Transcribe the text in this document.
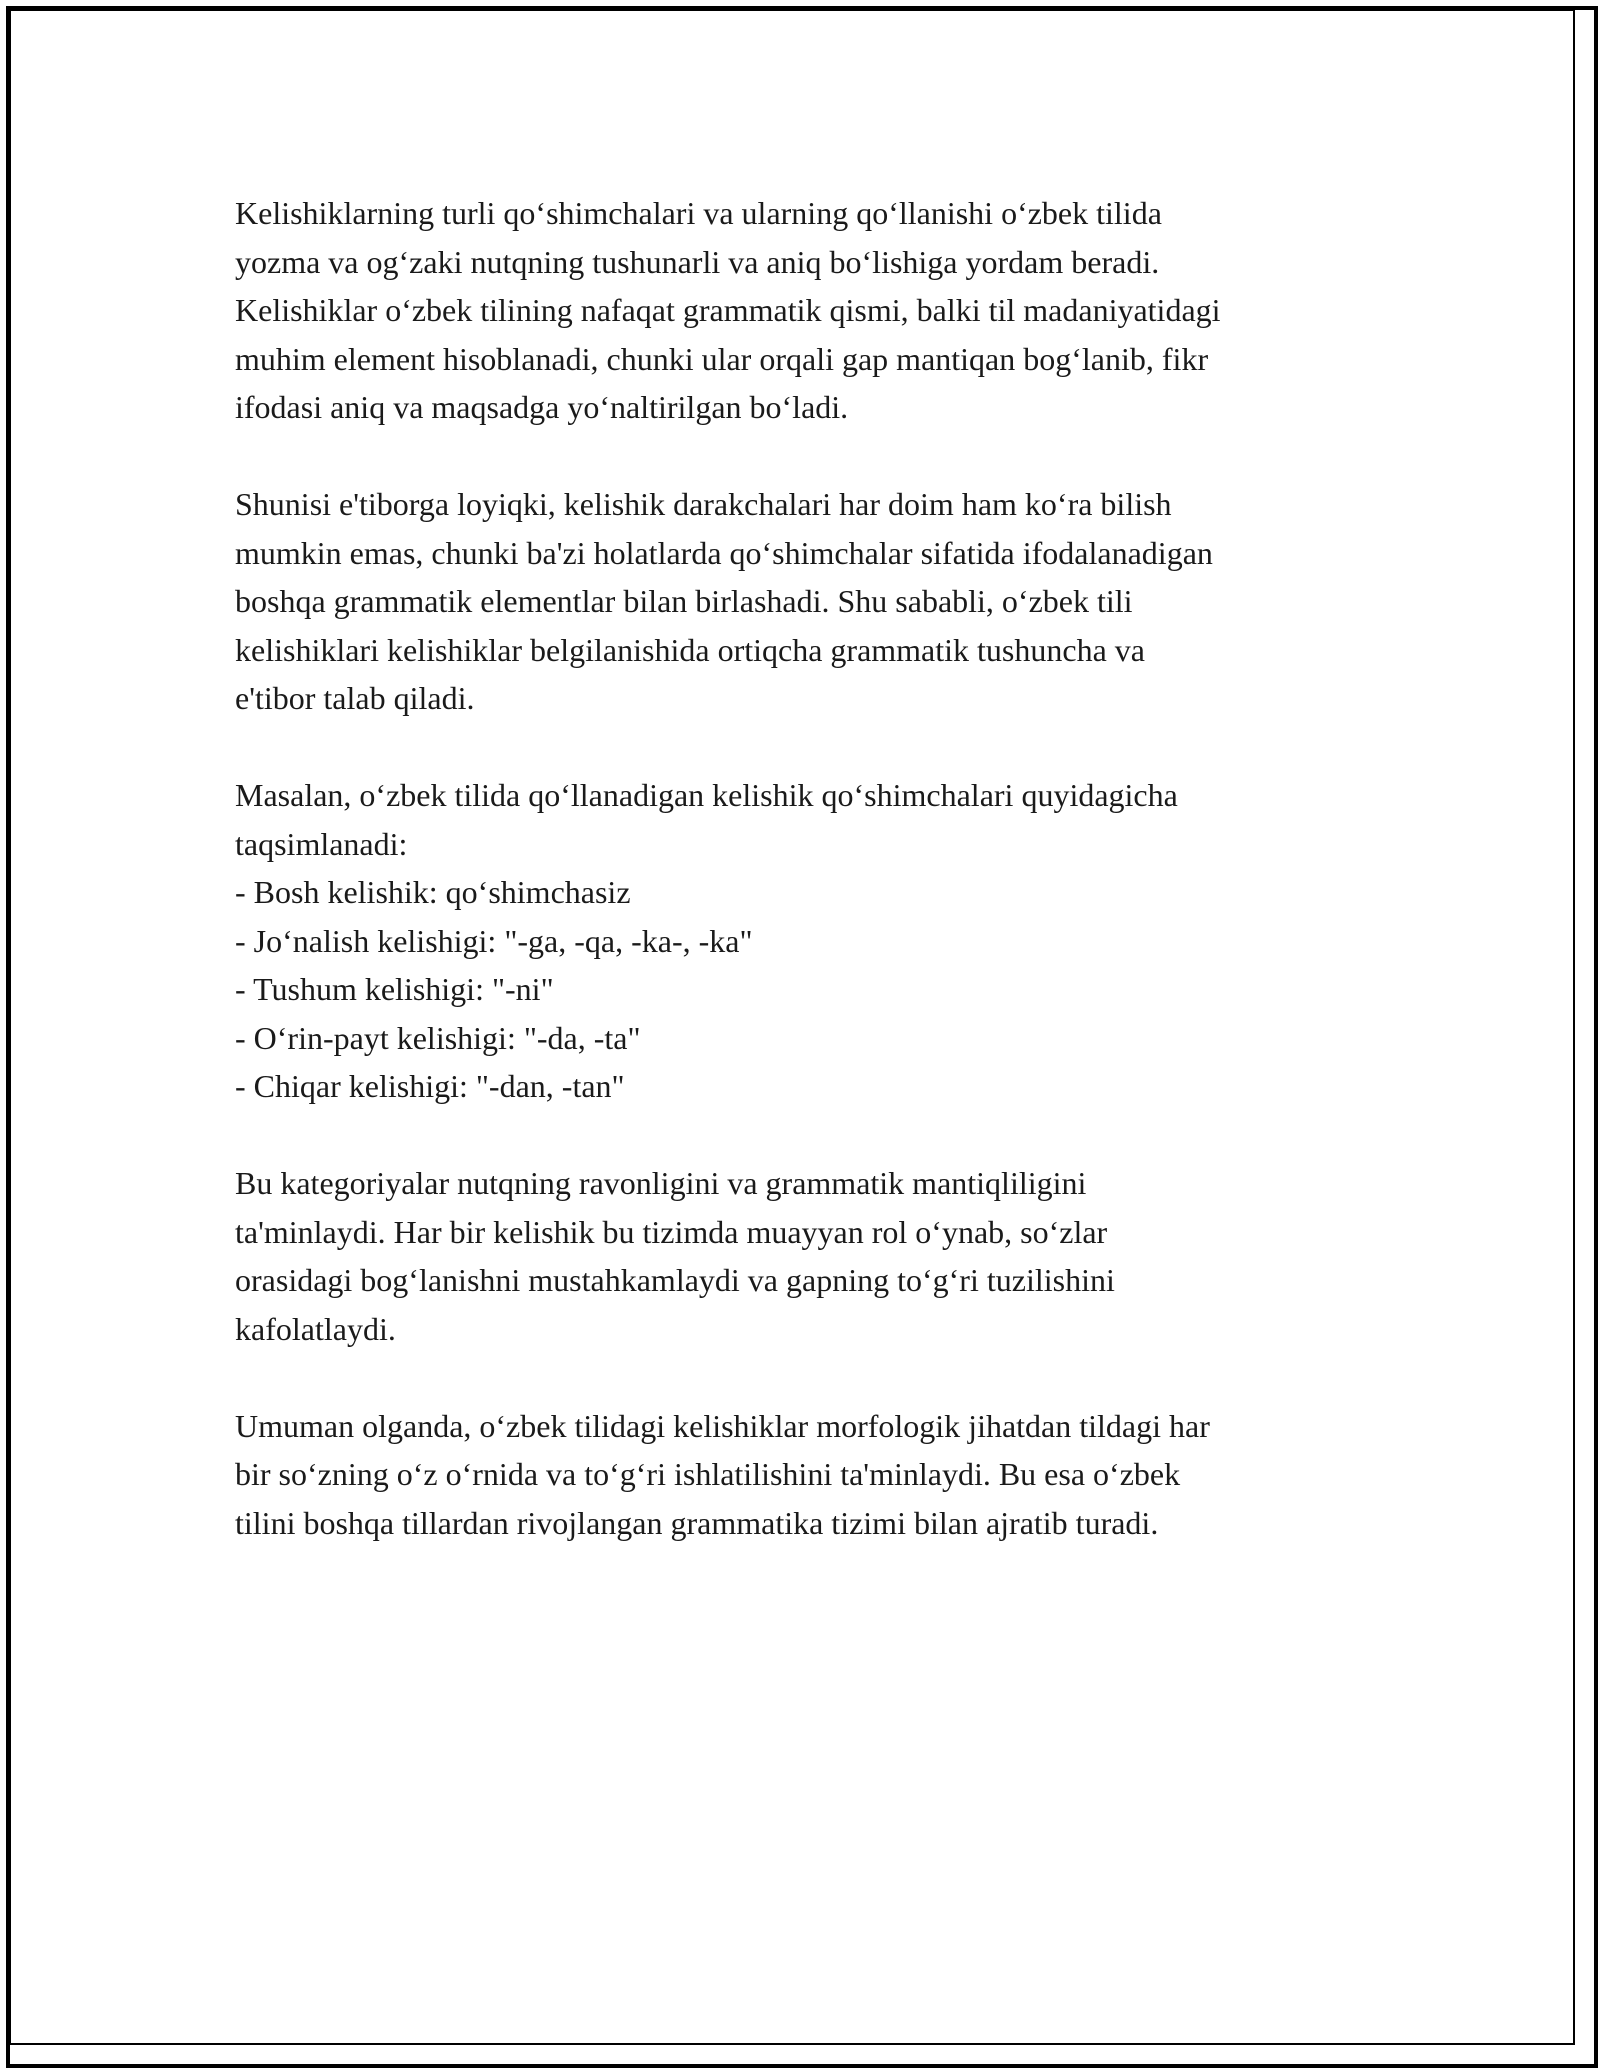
Kelishiklarning turli qo‘shimchalari va ularning qo‘llanishi o‘zbek tilida
yozma va og‘zaki nutqning tushunarli va aniq bo‘lishiga yordam beradi.
Kelishiklar o‘zbek tilining nafaqat grammatik qismi, balki til madaniyatidagi
muhim element hisoblanadi, chunki ular orqali gap mantiqan bog‘lanib, fikr
ifodasi aniq va maqsadga yo‘naltirilgan bo‘ladi.

Shunisi e'tiborga loyiqki, kelishik darakchalari har doim ham ko‘ra bilish
mumkin emas, chunki ba'zi holatlarda qo‘shimchalar sifatida ifodalanadigan
boshqa grammatik elementlar bilan birlashadi. Shu sababli, o‘zbek tili
kelishiklari kelishiklar belgilanishida ortiqcha grammatik tushuncha va
e'tibor talab qiladi.

Masalan, o‘zbek tilida qo‘llanadigan kelishik qo‘shimchalari quyidagicha
taqsimlanadi:

- Bosh kelishik: qo‘shimchasiz
- Jo‘nalish kelishigi: "-ga, -qa, -ka-, -ka"
- Tushum kelishigi: "-ni"
- O‘rin-payt kelishigi: "-da, -ta"
- Chiqar kelishigi: "-dan, -tan"

Bu kategoriyalar nutqning ravonligini va grammatik mantiqliligini
ta'minlaydi. Har bir kelishik bu tizimda muayyan rol o‘ynab, so‘zlar
orasidagi bog‘lanishni mustahkamlaydi va gapning to‘g‘ri tuzilishini
kafolatlaydi.

Umuman olganda, o‘zbek tilidagi kelishiklar morfologik jihatdan tildagi har
bir so‘zning o‘z o‘rnida va to‘g‘ri ishlatilishini ta'minlaydi. Bu esa o‘zbek
tilini boshqa tillardan rivojlangan grammatika tizimi bilan ajratib turadi.
